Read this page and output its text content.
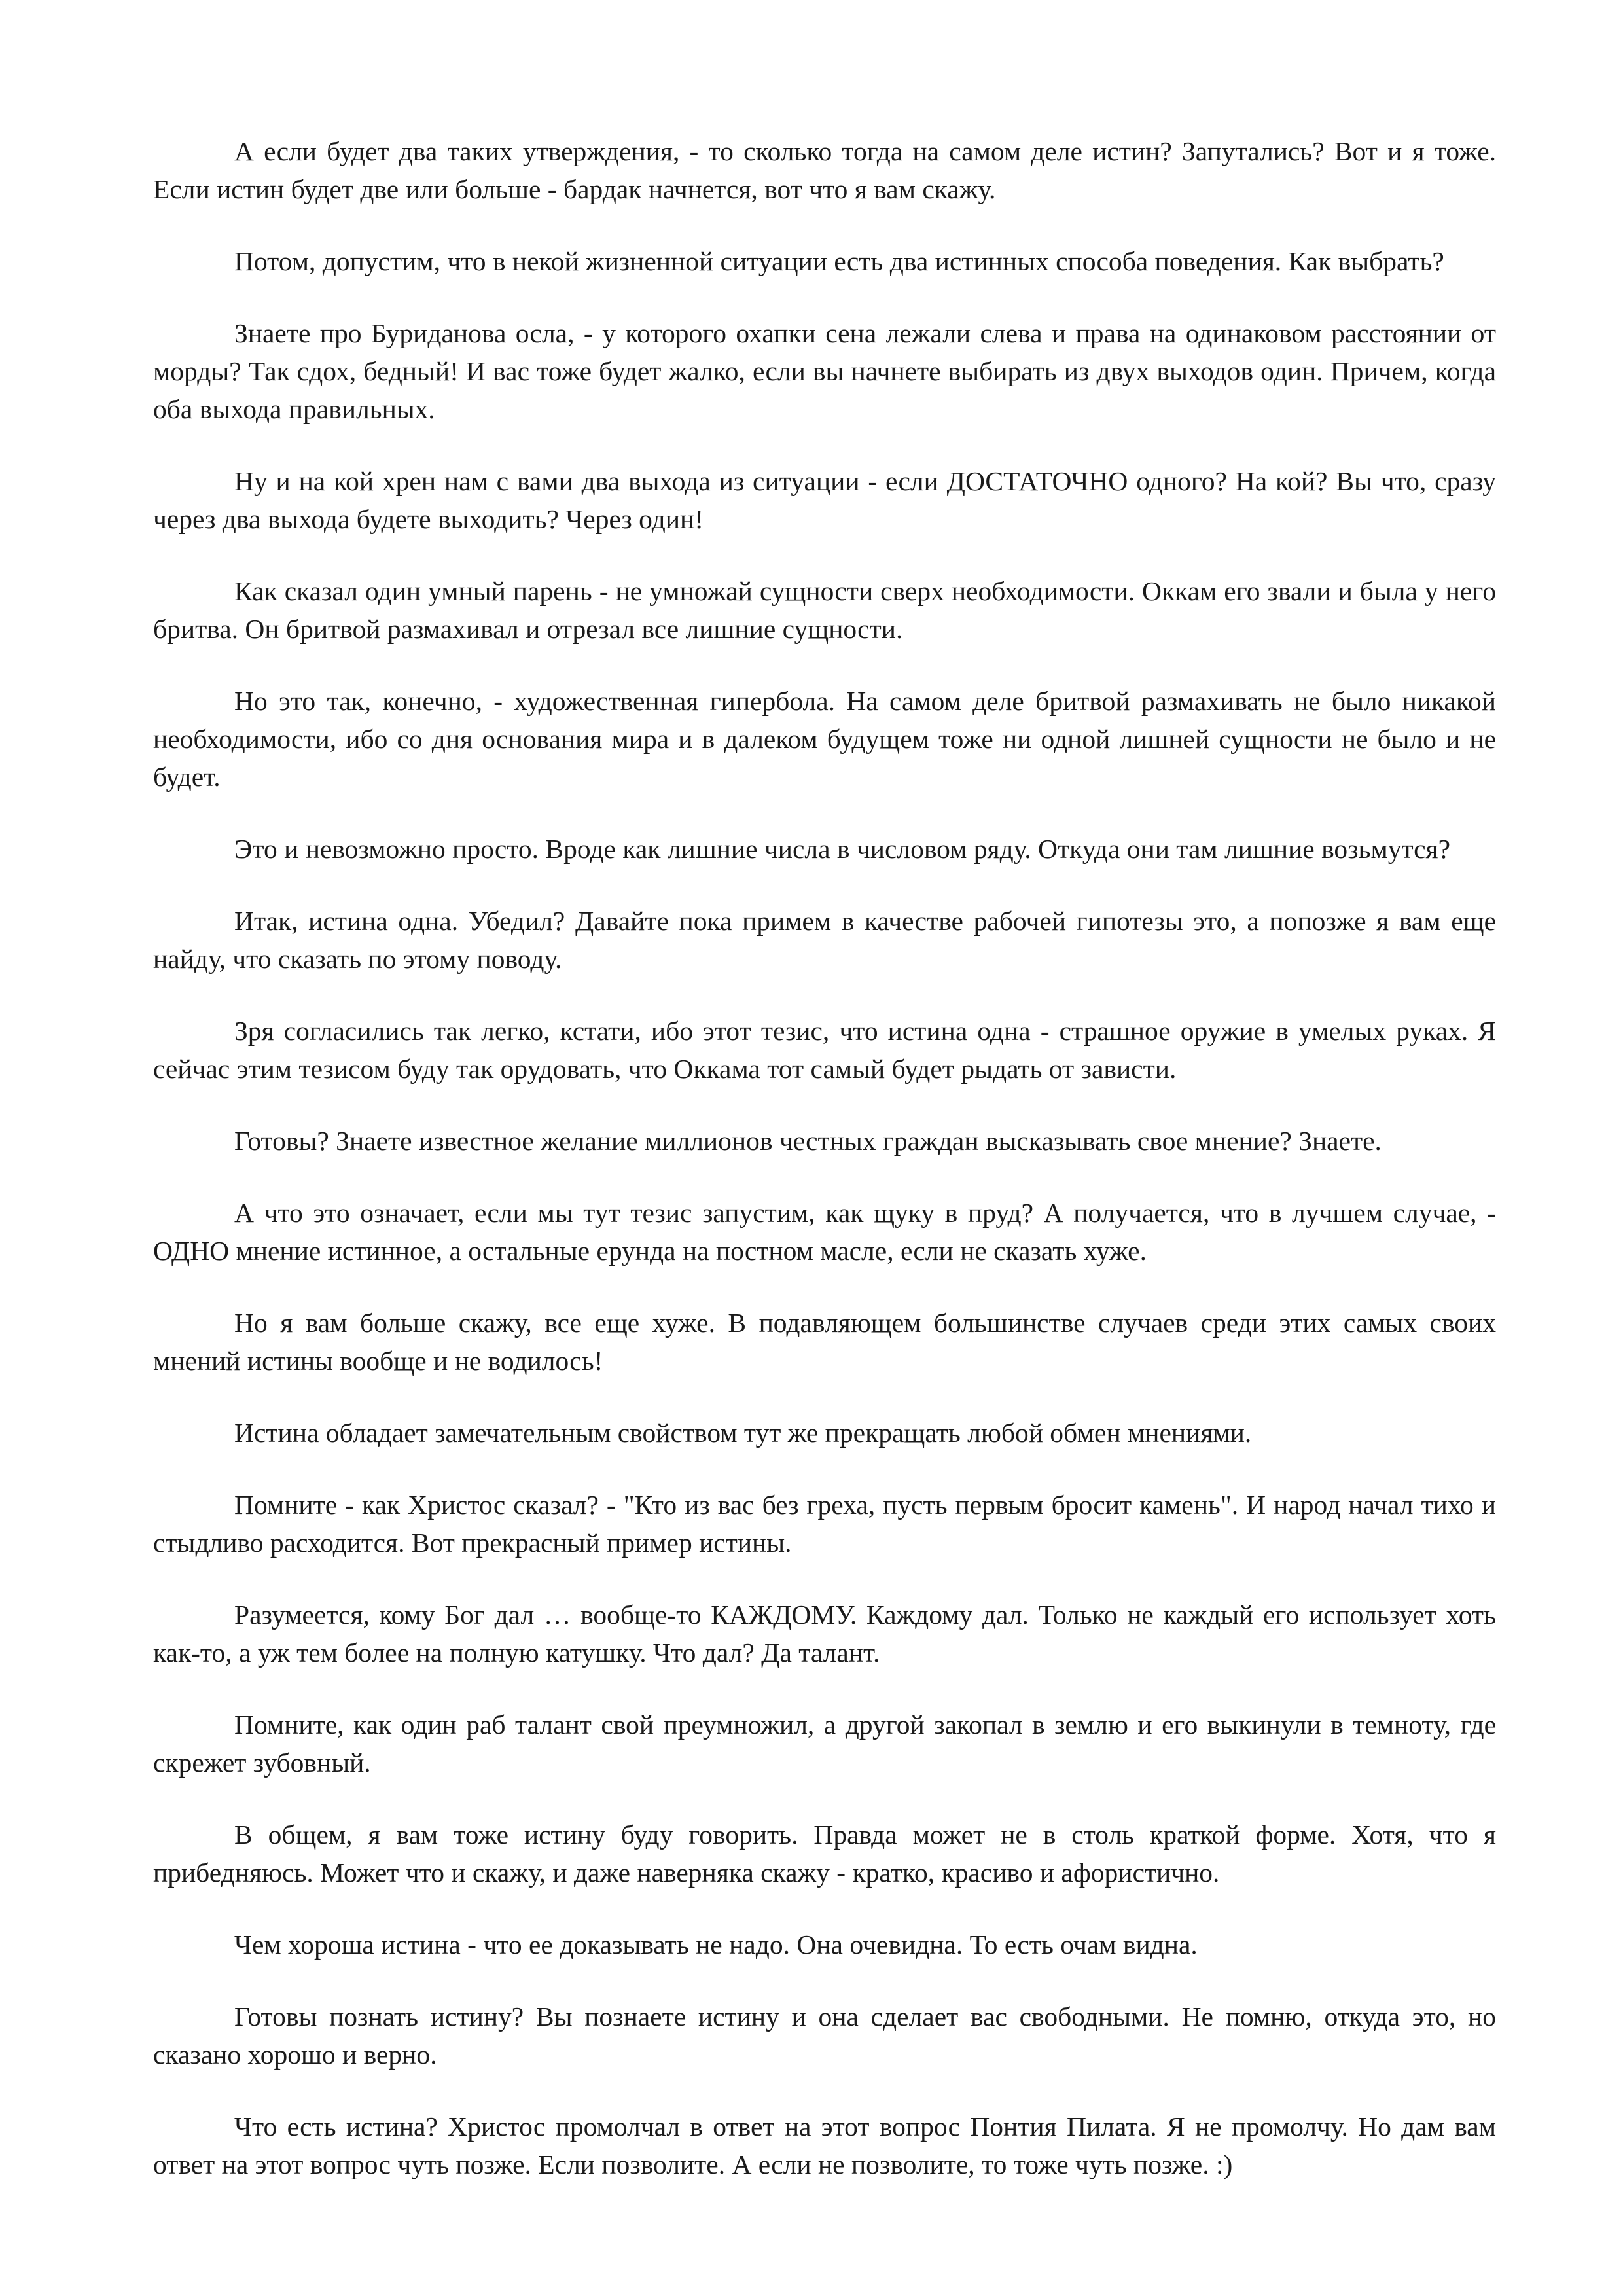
А если будет два таких утверждения, - то сколько тогда на самом деле истин? Запутались? Вот и я тоже. Если истин будет две или больше - бардак начнется, вот что я вам скажу.

Потом, допустим, что в некой жизненной ситуации есть два истинных способа поведения. Как выбрать?

Знаете про Буриданова осла, - у которого охапки сена лежали слева и права на одинаковом расстоянии от морды? Так сдох, бедный! И вас тоже будет жалко, если вы начнете выбирать из двух выходов один. Причем, когда оба выхода правильных.

Ну и на кой хрен нам с вами два выхода из ситуации - если ДОСТАТОЧНО одного? На кой? Вы что, сразу через два выхода будете выходить? Через один!

Как сказал один умный парень - не умножай сущности сверх необходимости. Оккам его звали и была у него бритва. Он бритвой размахивал и отрезал все лишние сущности.

Но это так, конечно, - художественная гипербола. На самом деле бритвой размахивать не было никакой необходимости, ибо со дня основания мира и в далеком будущем тоже ни одной лишней сущности не было и не будет.

Это и невозможно просто. Вроде как лишние числа в числовом ряду. Откуда они там лишние возьмутся?

Итак, истина одна. Убедил? Давайте пока примем в качестве рабочей гипотезы это, а попозже я вам еще найду, что сказать по этому поводу.

Зря согласились так легко, кстати, ибо этот тезис, что истина одна - страшное оружие в умелых руках. Я сейчас этим тезисом буду так орудовать, что Оккама тот самый будет рыдать от зависти.

Готовы? Знаете известное желание миллионов честных граждан высказывать свое мнение? Знаете.

А что это означает, если мы тут тезис запустим, как щуку в пруд? А получается, что в лучшем случае, - ОДНО мнение истинное, а остальные ерунда на постном масле, если не сказать хуже.

Но я вам больше скажу, все еще хуже. В подавляющем большинстве случаев среди этих самых своих мнений истины вообще и не водилось!

Истина обладает замечательным свойством тут же прекращать любой обмен мнениями.

Помните - как Христос сказал? - "Кто из вас без греха, пусть первым бросит камень". И народ начал тихо и стыдливо расходится. Вот прекрасный пример истины.

Разумеется, кому Бог дал … вообще-то КАЖДОМУ. Каждому дал. Только не каждый его использует хоть как-то, а уж тем более на полную катушку. Что дал? Да талант.

Помните, как один раб талант свой преумножил, а другой закопал в землю и его выкинули в темноту, где скрежет зубовный.

В общем, я вам тоже истину буду говорить. Правда может не в столь краткой форме. Хотя, что я прибедняюсь. Может что и скажу, и даже наверняка скажу - кратко, красиво и афористично.

Чем хороша истина - что ее доказывать не надо. Она очевидна. То есть очам видна.

Готовы познать истину? Вы познаете истину и она сделает вас свободными. Не помню, откуда это, но сказано хорошо и верно.

Что есть истина? Христос промолчал в ответ на этот вопрос Понтия Пилата. Я не промолчу. Но дам вам ответ на этот вопрос чуть позже. Если позволите. А если не позволите, то тоже чуть позже. :)
